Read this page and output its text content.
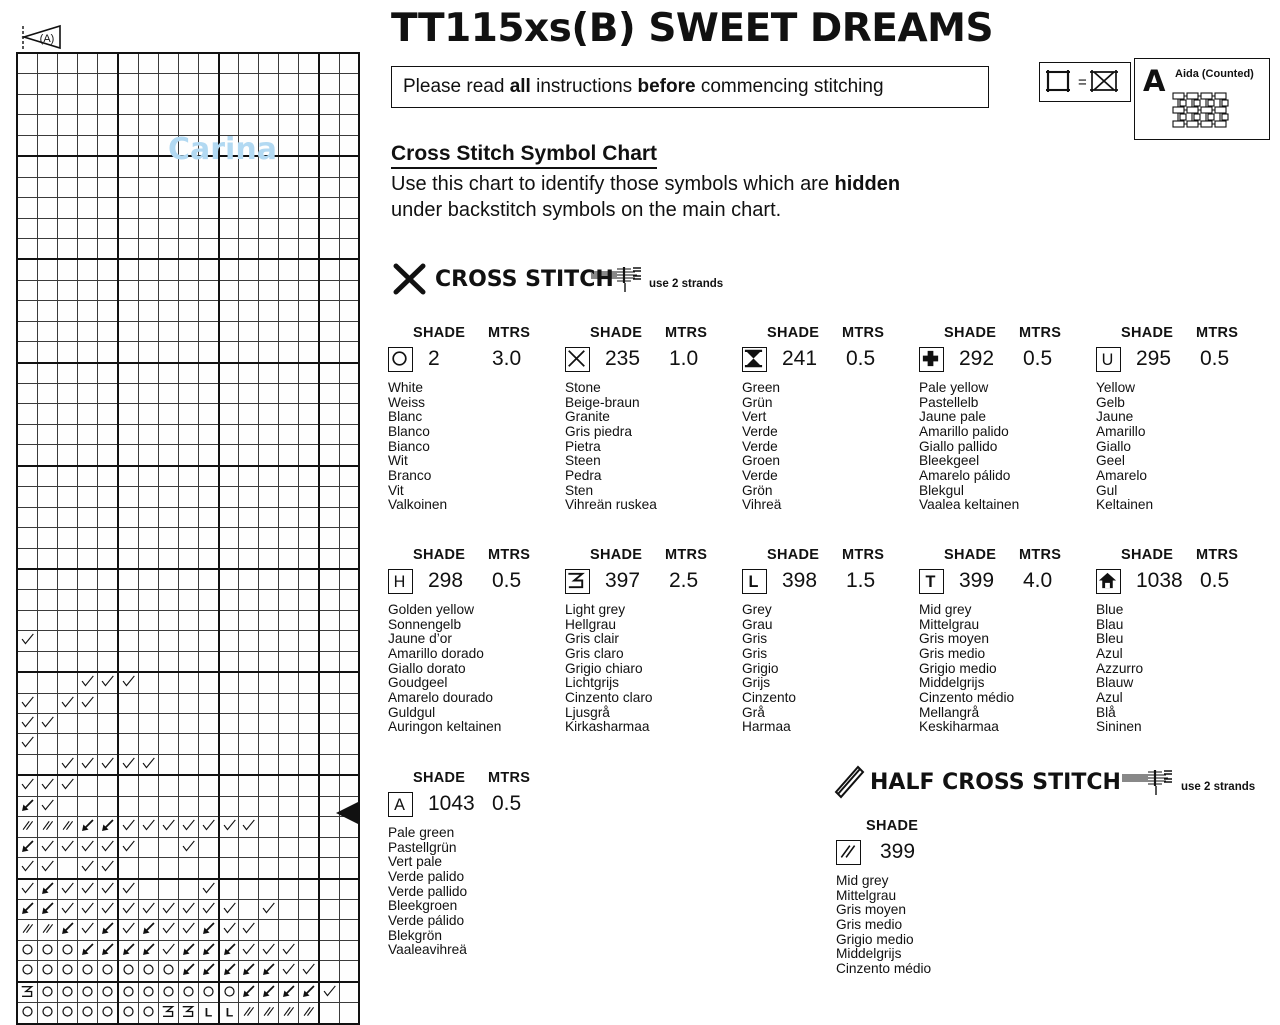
(A)
Carina

L	L

TT115xs(B) SWEET DREAMS
Please read all instructions before commencing stitching	= A Aida (Counted)
Cross Stitch Symbol Chart
Use this chart to identify those symbols which are hidden
under backstitch symbols on the main chart.
CROSS STITCH	use 2 strands
HALF CROSS STITCH	use 2 strands
SHADE MTRS
2 3.0
White
Weiss
Blanc
Blanco
Bianco
Wit
Branco
Vit
Valkoinen
SHADE MTRS
235 1.0
Stone
Beige-braun
Granite
Gris piedra
Pietra
Steen
Pedra
Sten
Vihreän ruskea
SHADE MTRS
241 0.5
Green
Grün
Vert
Verde
Verde
Groen
Verde
Grön
Vihreä
SHADE MTRS
292 0.5
Pale yellow
Pastellelb
Jaune pale
Amarillo palido
Giallo pallido
Bleekgeel
Amarelo pálido
Blekgul
Vaalea keltainen
SHADE MTRS
U 295 0.5
Yellow
Gelb
Jaune
Amarillo
Giallo
Geel
Amarelo
Gul
Keltainen
SHADE MTRS
H 298 0.5
Golden yellow
Sonnengelb
Jaune d’or
Amarillo dorado
Giallo dorato
Goudgeel
Amarelo dourado
Guldgul
Auringon keltainen
SHADE MTRS
397 2.5
Light grey
Hellgrau
Gris clair
Gris claro
Grigio chiaro
Lichtgrijs
Cinzento claro
Ljusgrå
Kirkasharmaa
SHADE MTRS
L 398 1.5
Grey
Grau
Gris
Gris
Grigio
Grijs
Cinzento
Grå
Harmaa
SHADE MTRS
T 399 4.0
Mid grey
Mittelgrau
Gris moyen
Gris medio
Grigio medio
Middelgrijs
Cinzento médio
Mellangrå
Keskiharmaa
SHADE MTRS
1038 0.5
Blue
Blau
Bleu
Azul
Azzurro
Blauw
Azul
Blå
Sininen
SHADE MTRS
A 1043 0.5
Pale green
Pastellgrün
Vert pale
Verde palido
Verde pallido
Bleekgroen
Verde pálido
Blekgrön
Vaaleavihreä
SHADE
399
Mid grey
Mittelgrau
Gris moyen
Gris medio
Grigio medio
Middelgrijs
Cinzento médio
